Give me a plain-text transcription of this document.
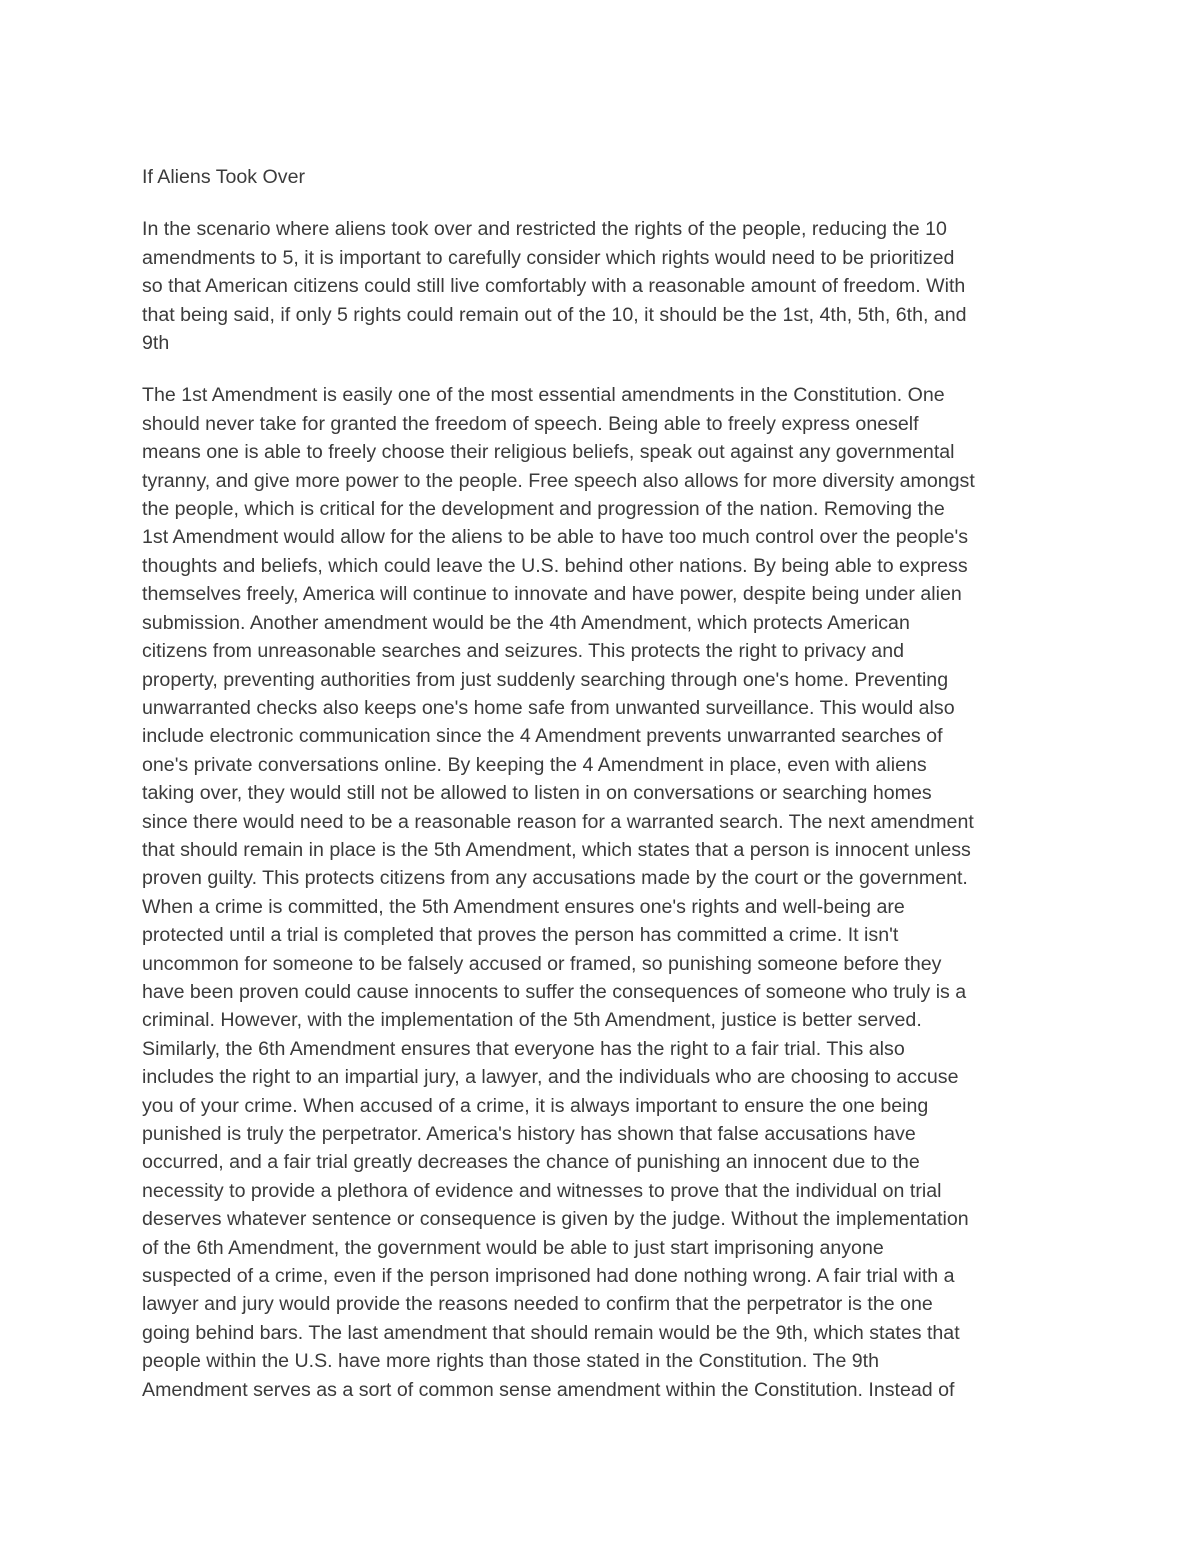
If Aliens Took Over
In the scenario where aliens took over and restricted the rights of the people, reducing the 10
amendments to 5, it is important to carefully consider which rights would need to be prioritized
so that American citizens could still live comfortably with a reasonable amount of freedom. With
that being said, if only 5 rights could remain out of the 10, it should be the 1st, 4th, 5th, 6th, and
9th
The 1st Amendment is easily one of the most essential amendments in the Constitution. One
should never take for granted the freedom of speech. Being able to freely express oneself
means one is able to freely choose their religious beliefs, speak out against any governmental
tyranny, and give more power to the people. Free speech also allows for more diversity amongst
the people, which is critical for the development and progression of the nation. Removing the
1st Amendment would allow for the aliens to be able to have too much control over the people's
thoughts and beliefs, which could leave the U.S. behind other nations. By being able to express
themselves freely, America will continue to innovate and have power, despite being under alien
submission. Another amendment would be the 4th Amendment, which protects American
citizens from unreasonable searches and seizures. This protects the right to privacy and
property, preventing authorities from just suddenly searching through one's home. Preventing
unwarranted checks also keeps one's home safe from unwanted surveillance. This would also
include electronic communication since the 4 Amendment prevents unwarranted searches of
one's private conversations online. By keeping the 4 Amendment in place, even with aliens
taking over, they would still not be allowed to listen in on conversations or searching homes
since there would need to be a reasonable reason for a warranted search. The next amendment
that should remain in place is the 5th Amendment, which states that a person is innocent unless
proven guilty. This protects citizens from any accusations made by the court or the government.
When a crime is committed, the 5th Amendment ensures one's rights and well-being are
protected until a trial is completed that proves the person has committed a crime. It isn't
uncommon for someone to be falsely accused or framed, so punishing someone before they
have been proven could cause innocents to suffer the consequences of someone who truly is a
criminal. However, with the implementation of the 5th Amendment, justice is better served.
Similarly, the 6th Amendment ensures that everyone has the right to a fair trial. This also
includes the right to an impartial jury, a lawyer, and the individuals who are choosing to accuse
you of your crime. When accused of a crime, it is always important to ensure the one being
punished is truly the perpetrator. America's history has shown that false accusations have
occurred, and a fair trial greatly decreases the chance of punishing an innocent due to the
necessity to provide a plethora of evidence and witnesses to prove that the individual on trial
deserves whatever sentence or consequence is given by the judge. Without the implementation
of the 6th Amendment, the government would be able to just start imprisoning anyone
suspected of a crime, even if the person imprisoned had done nothing wrong. A fair trial with a
lawyer and jury would provide the reasons needed to confirm that the perpetrator is the one
going behind bars. The last amendment that should remain would be the 9th, which states that
people within the U.S. have more rights than those stated in the Constitution. The 9th
Amendment serves as a sort of common sense amendment within the Constitution. Instead of
